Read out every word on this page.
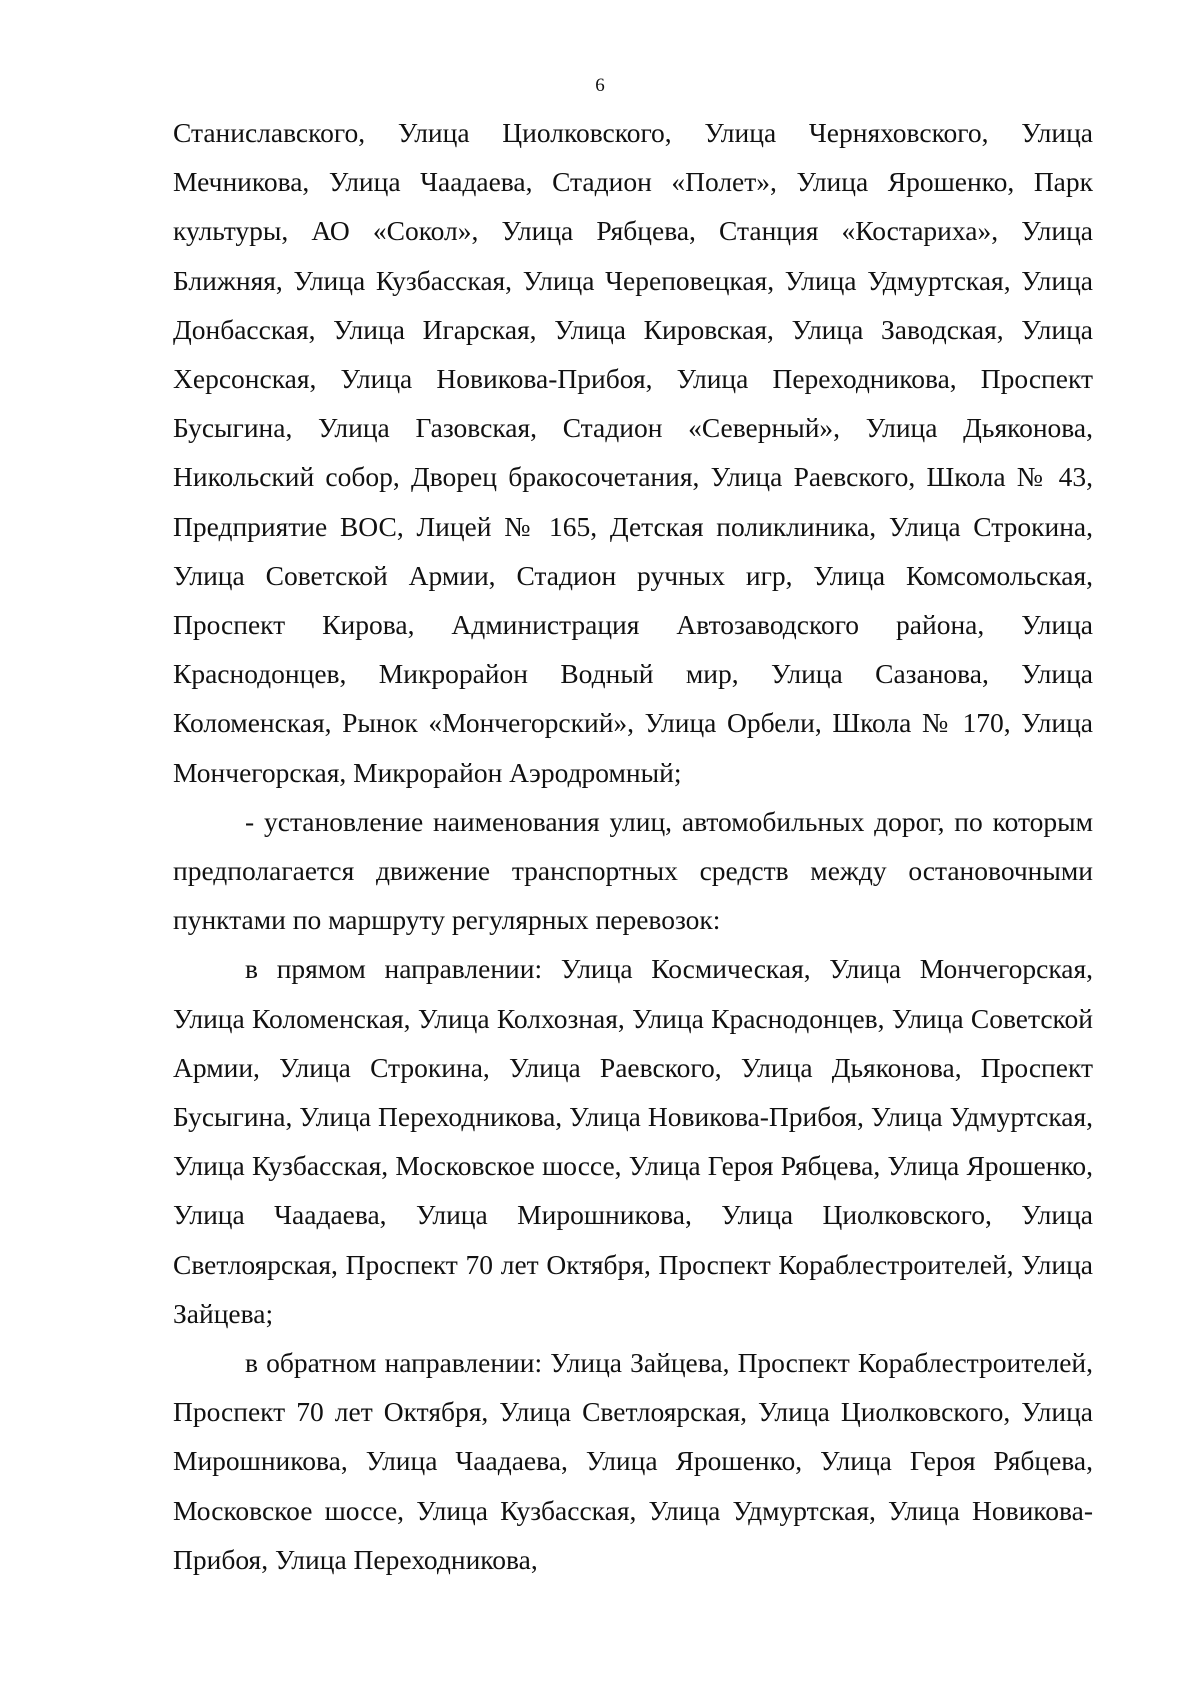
6

Станиславского, Улица Циолковского, Улица Черняховского, Улица Мечникова, Улица Чаадаева, Стадион «Полет», Улица Ярошенко, Парк культуры, АО «Сокол», Улица Рябцева, Станция «Костариха», Улица Ближняя, Улица Кузбасская, Улица Череповецкая, Улица Удмуртская, Улица Донбасская, Улица Игарская, Улица Кировская, Улица Заводская, Улица Херсонская, Улица Новикова-Прибоя, Улица Переходникова, Проспект Бусыгина, Улица Газовская, Стадион «Северный», Улица Дьяконова, Никольский собор, Дворец бракосочетания, Улица Раевского, Школа № 43, Предприятие ВОС, Лицей № 165, Детская поликлиника, Улица Строкина, Улица Советской Армии, Стадион ручных игр, Улица Комсомольская, Проспект Кирова, Администрация Автозаводского района, Улица Краснодонцев, Микрорайон Водный мир, Улица Сазанова, Улица Коломенская, Рынок «Мончегорский», Улица Орбели, Школа № 170, Улица Мончегорская, Микрорайон Аэродромный;

- установление наименования улиц, автомобильных дорог, по которым предполагается движение транспортных средств между остановочными пунктами по маршруту регулярных перевозок:

в прямом направлении: Улица Космическая, Улица Мончегорская, Улица Коломенская, Улица Колхозная, Улица Краснодонцев, Улица Советской Армии, Улица Строкина, Улица Раевского, Улица Дьяконова, Проспект Бусыгина, Улица Переходникова, Улица Новикова-Прибоя, Улица Удмуртская, Улица Кузбасская, Московское шоссе, Улица Героя Рябцева, Улица Ярошенко, Улица Чаадаева, Улица Мирошникова, Улица Циолковского, Улица Светлоярская, Проспект 70 лет Октября, Проспект Кораблестроителей, Улица Зайцева;

в обратном направлении: Улица Зайцева, Проспект Кораблестроителей, Проспект 70 лет Октября, Улица Светлоярская, Улица Циолковского, Улица Мирошникова, Улица Чаадаева, Улица Ярошенко, Улица Героя Рябцева, Московское шоссе, Улица Кузбасская, Улица Удмуртская, Улица Новикова-Прибоя, Улица Переходникова,
